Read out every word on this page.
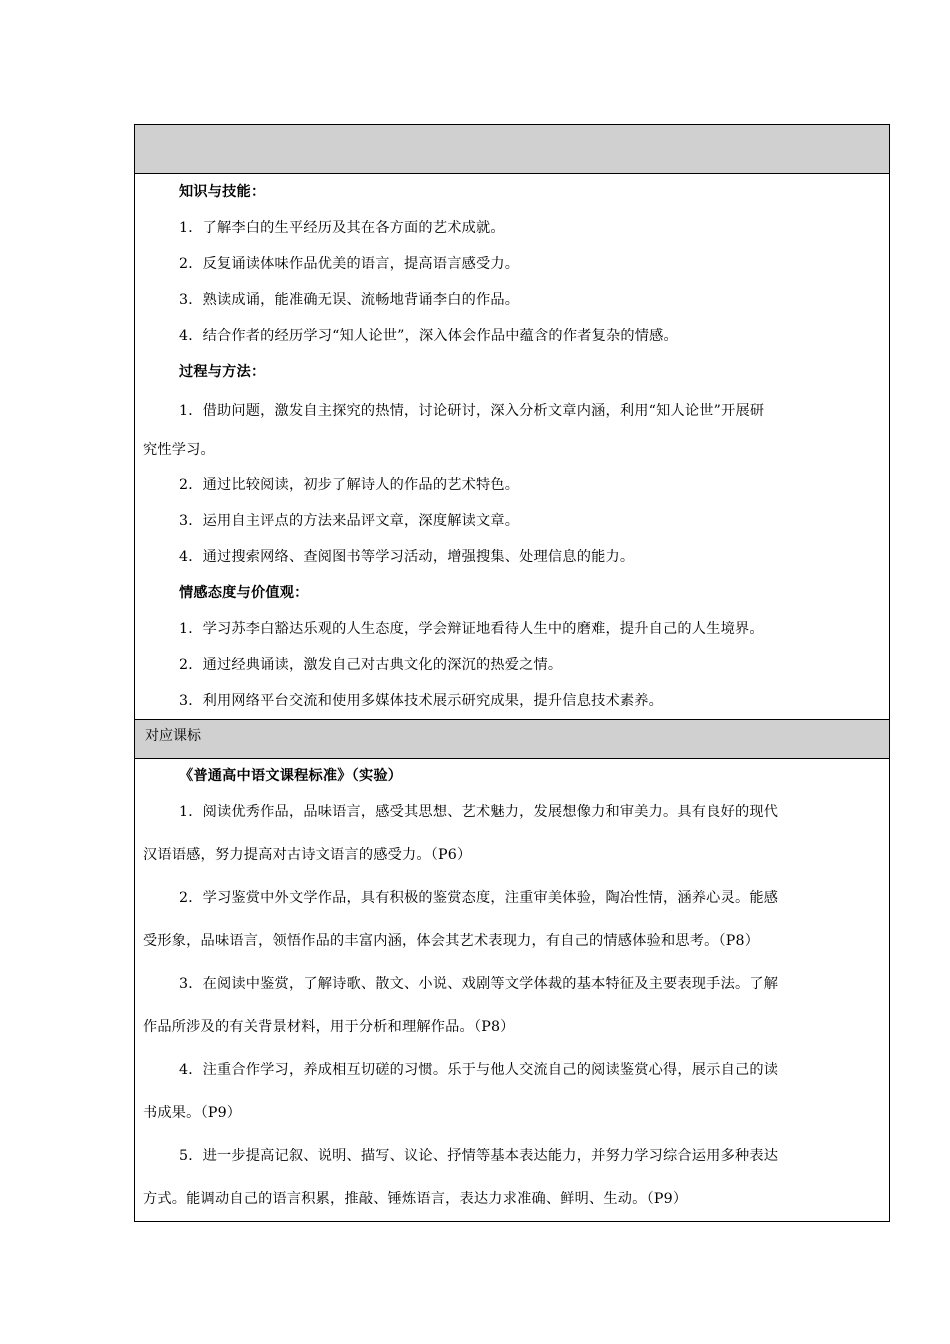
知识与技能：
1．了解李白的生平经历及其在各方面的艺术成就。
2．反复诵读体味作品优美的语言，提高语言感受力。
3．熟读成诵，能准确无误、流畅地背诵李白的作品。
4．结合作者的经历学习“知人论世”，深入体会作品中蕴含的作者复杂的情感。
过程与方法：
1．借助问题，激发自主探究的热情，讨论研讨，深入分析文章内涵，利用“知人论世”开展研
究性学习。
2．通过比较阅读，初步了解诗人的作品的艺术特色。
3．运用自主评点的方法来品评文章，深度解读文章。
4．通过搜索网络、查阅图书等学习活动，增强搜集、处理信息的能力。
情感态度与价值观：
1．学习苏李白豁达乐观的人生态度，学会辩证地看待人生中的磨难，提升自己的人生境界。
2．通过经典诵读，激发自己对古典文化的深沉的热爱之情。
3．利用网络平台交流和使用多媒体技术展示研究成果，提升信息技术素养。
对应课标
《普通高中语文课程标准》（实验）
1．阅读优秀作品，品味语言，感受其思想、艺术魅力，发展想像力和审美力。具有良好的现代
汉语语感，努力提高对古诗文语言的感受力。（P6）
2．学习鉴赏中外文学作品，具有积极的鉴赏态度，注重审美体验，陶冶性情，涵养心灵。能感
受形象，品味语言，领悟作品的丰富内涵，体会其艺术表现力，有自己的情感体验和思考。（P8）
3．在阅读中鉴赏，了解诗歌、散文、小说、戏剧等文学体裁的基本特征及主要表现手法。了解
作品所涉及的有关背景材料，用于分析和理解作品。（P8）
4．注重合作学习，养成相互切磋的习惯。乐于与他人交流自己的阅读鉴赏心得，展示自己的读
书成果。（P9）
5．进一步提高记叙、说明、描写、议论、抒情等基本表达能力，并努力学习综合运用多种表达
方式。能调动自己的语言积累，推敲、锤炼语言，表达力求准确、鲜明、生动。（P9）
